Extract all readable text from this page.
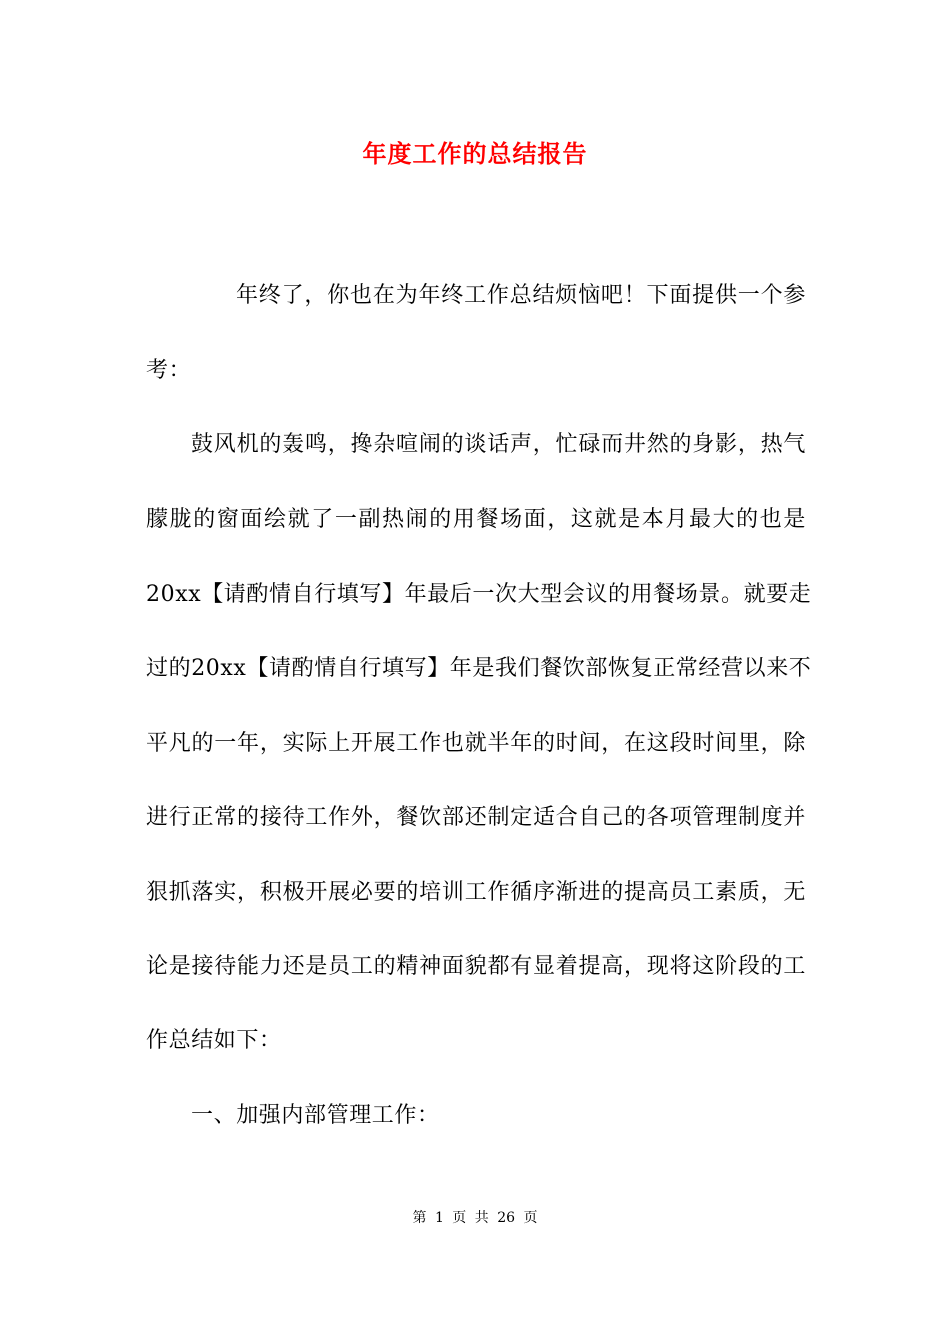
年度工作的总结报告
年终了，你也在为年终工作总结烦恼吧！下面提供一个参
考：
鼓风机的轰鸣，搀杂喧闹的谈话声，忙碌而井然的身影，热气
朦胧的窗面绘就了一副热闹的用餐场面，这就是本月最大的也是
20xx【请酌情自行填写】年最后一次大型会议的用餐场景。就要走
过的20xx【请酌情自行填写】年是我们餐饮部恢复正常经营以来不
平凡的一年，实际上开展工作也就半年的时间，在这段时间里，除
进行正常的接待工作外，餐饮部还制定适合自己的各项管理制度并
狠抓落实，积极开展必要的培训工作循序渐进的提高员工素质，无
论是接待能力还是员工的精神面貌都有显着提高，现将这阶段的工
作总结如下：
一、加强内部管理工作：
第 1 页 共 26 页
